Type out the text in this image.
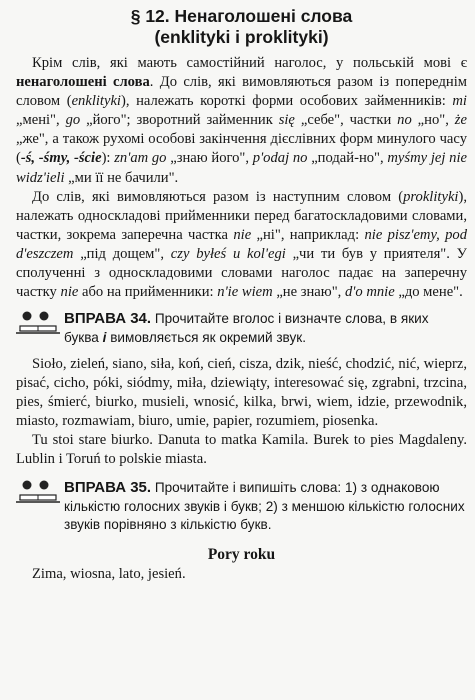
§ 12. Ненаголошені слова
(enklityki i proklityki)

Крім слів, які мають самостійний наголос, у польській мові є ненаголошені слова. До слів, які вимовляються разом із попереднім словом (enklityki), належать короткі форми особових займенників: mi „мені", go „його"; зворотний займенник się „себе", частки no „но", że „же", а також рухомі особові закінчення дієслівних форм минулого часу (-ś, -śmy, -ście): zn'am go „знаю його", p'odaj no „подай-но", myśmy jej nie widz'ieli „ми її не бачили".

До слів, які вимовляються разом із наступним словом (proklityki), належать односкладові прийменники перед багатоскладовими словами, частки, зокрема заперечна частка nie „ні", наприклад: nie pisz'emy, pod d'eszczem „під дощем", czy byłeś u kol'egi „чи ти був у приятеля". У сполученні з односкладовими словами наголос падає на заперечну частку nie або на прийменники: n'ie wiem „не знаю", d'o mnie „до мене".

ВПРАВА 34. Прочитайте вголос і визначте слова, в яких буква i вимовляється як окремий звук.

Sioło, zieleń, siano, siła, koń, cień, cisza, dzik, nieść, chodzić, nić, wieprz, pisać, cicho, póki, siódmy, miła, dziewiąty, interesować się, zgrabni, trzcina, pies, śmierć, biurko, musieli, wnosić, kilka, brwi, wiem, idzie, przewodnik, miasto, rozmawiam, biuro, umie, papier, rozumiem, piosenka.

Tu stoi stare biurko. Danuta to matka Kamila. Burek to pies Magdaleny. Lublin i Toruń to polskie miasta.

ВПРАВА 35. Прочитайте і випишіть слова: 1) з однаковою кількістю голосних звуків і букв; 2) з меншою кількістю голосних звуків порівняно з кількістю букв.

Pory roku

Zima, wiosna, lato, jesień.
